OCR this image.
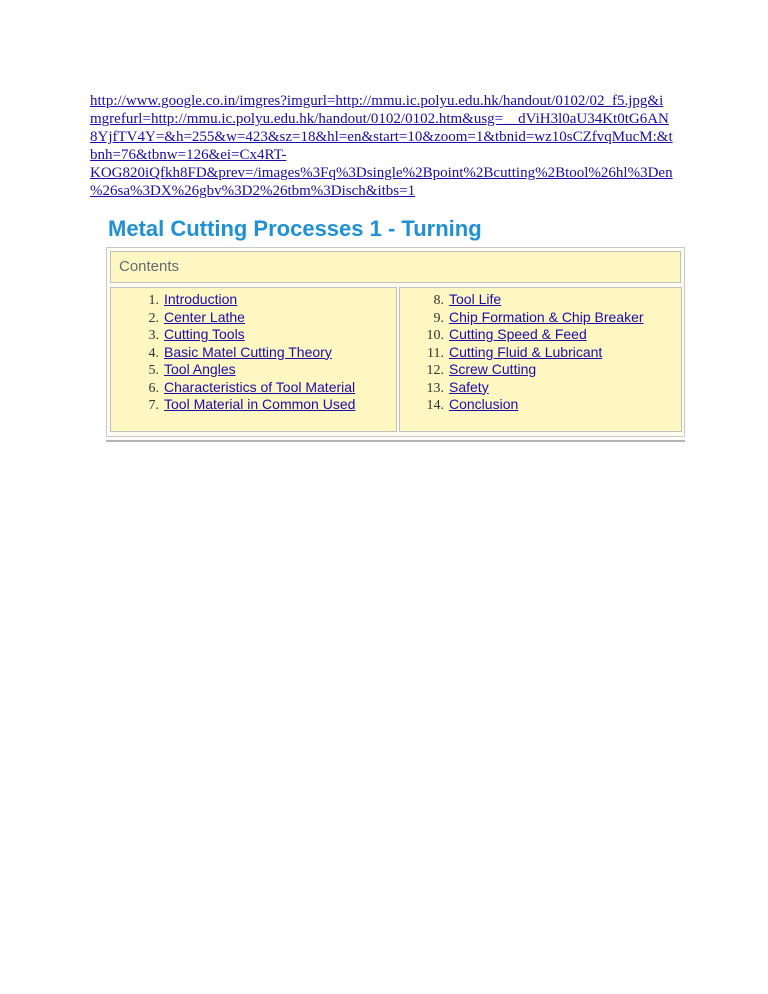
http://www.google.co.in/imgres?imgurl=http://mmu.ic.polyu.edu.hk/handout/0102/02_f5.jpg&i
mgrefurl=http://mmu.ic.polyu.edu.hk/handout/0102/0102.htm&usg=__dViH3l0aU34Kt0tG6AN
8YjfTV4Y=&h=255&w=423&sz=18&hl=en&start=10&zoom=1&tbnid=wz10sCZfvqMucM:&t
bnh=76&tbnw=126&ei=Cx4RT-
KOG820iQfkh8FD&prev=/images%3Fq%3Dsingle%2Bpoint%2Bcutting%2Btool%26hl%3Den
%26sa%3DX%26gbv%3D2%26tbm%3Disch&itbs=1
Metal Cutting Processes 1 - Turning
Contents
1. Introduction
2. Center Lathe
3. Cutting Tools
4. Basic Matel Cutting Theory
5. Tool Angles
6. Characteristics of Tool Material
7. Tool Material in Common Used
8. Tool Life
9. Chip Formation & Chip Breaker
10. Cutting Speed & Feed
11. Cutting Fluid & Lubricant
12. Screw Cutting
13. Safety
14. Conclusion
